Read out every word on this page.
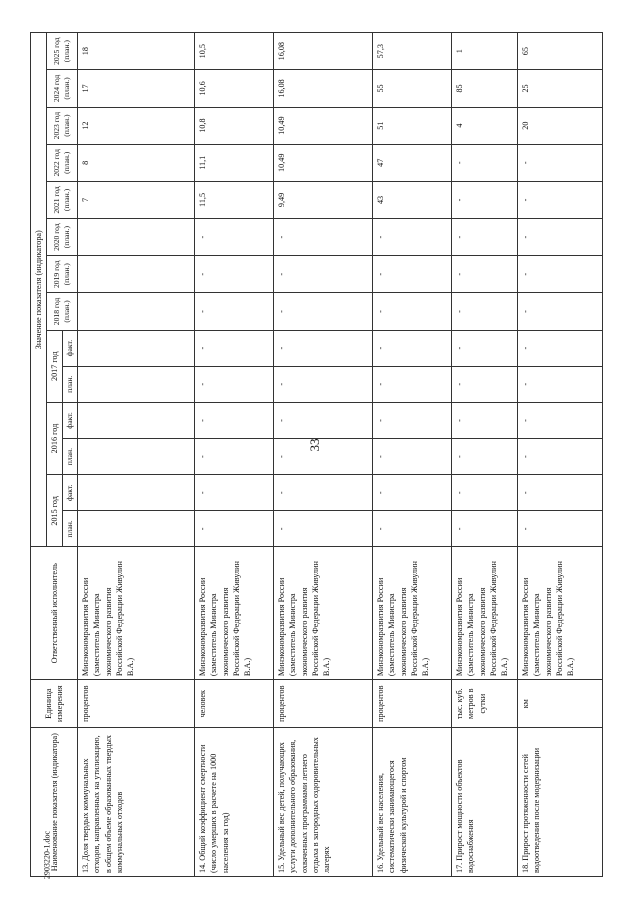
33
2903220-1.doc
Наименование показателя (индикатора)	Единица измерения	Ответственный исполнитель	Значение показателя (индикатора)													
			2015 год		2016 год		2017 год		2018 год (план.)	2019 год (план.)	2020 год (план.)	2021 год (план.)	2022 год (план.)	2023 год (план.)	2024 год (план.)	2025 год (план.)
			план.	факт.	план.	факт.	план.	факт.								
13. Доля твердых коммунальных отходов, направленных на утилизацию, в общем объеме образованных твердых коммунальных отходов	процентов	Минэкономразвития России (заместитель Министра экономического развития Российской Федерации Живулин В.А.)										7	8	12	17	18
14. Общий коэффициент смертности (число умерших в расчете на 1000 населения за год)	человек	Минэкономразвития России (заместитель Министра экономического развития Российской Федерации Живулин В.А.)	-	-	-	-	-	-	-	-	-	11,5	11,1	10,8	10,6	10,5
15. Удельный вес детей, получающих услуги дополнительного образования, охваченных программами летнего отдыха в загородных оздоровительных лагерях	процентов	Минэкономразвития России (заместитель Министра экономического развития Российской Федерации Живулин В.А.)	-	-	-	-	-	-	-	-	-	9,49	10,49	10,49	16,08	16,08
16. Удельный вес населения, систематически занимающегося физической культурой и спортом	процентов	Минэкономразвития России (заместитель Министра экономического развития Российской Федерации Живулин В.А.)	-	-	-	-	-	-	-	-	-	43	47	51	55	57,3
17. Прирост мощности объектов водоснабжения	тыс. куб. метров в сутки	Минэкономразвития России (заместитель Министра экономического развития Российской Федерации Живулин В.А.)	-	-	-	-	-	-	-	-	-	-	-	4	85	1
18. Прирост протяженности сетей водоотведения после модернизации	км	Минэкономразвития России (заместитель Министра экономического развития Российской Федерации Живулин В.А.)	-	-	-	-	-	-	-	-	-	-	-	20	25	65
